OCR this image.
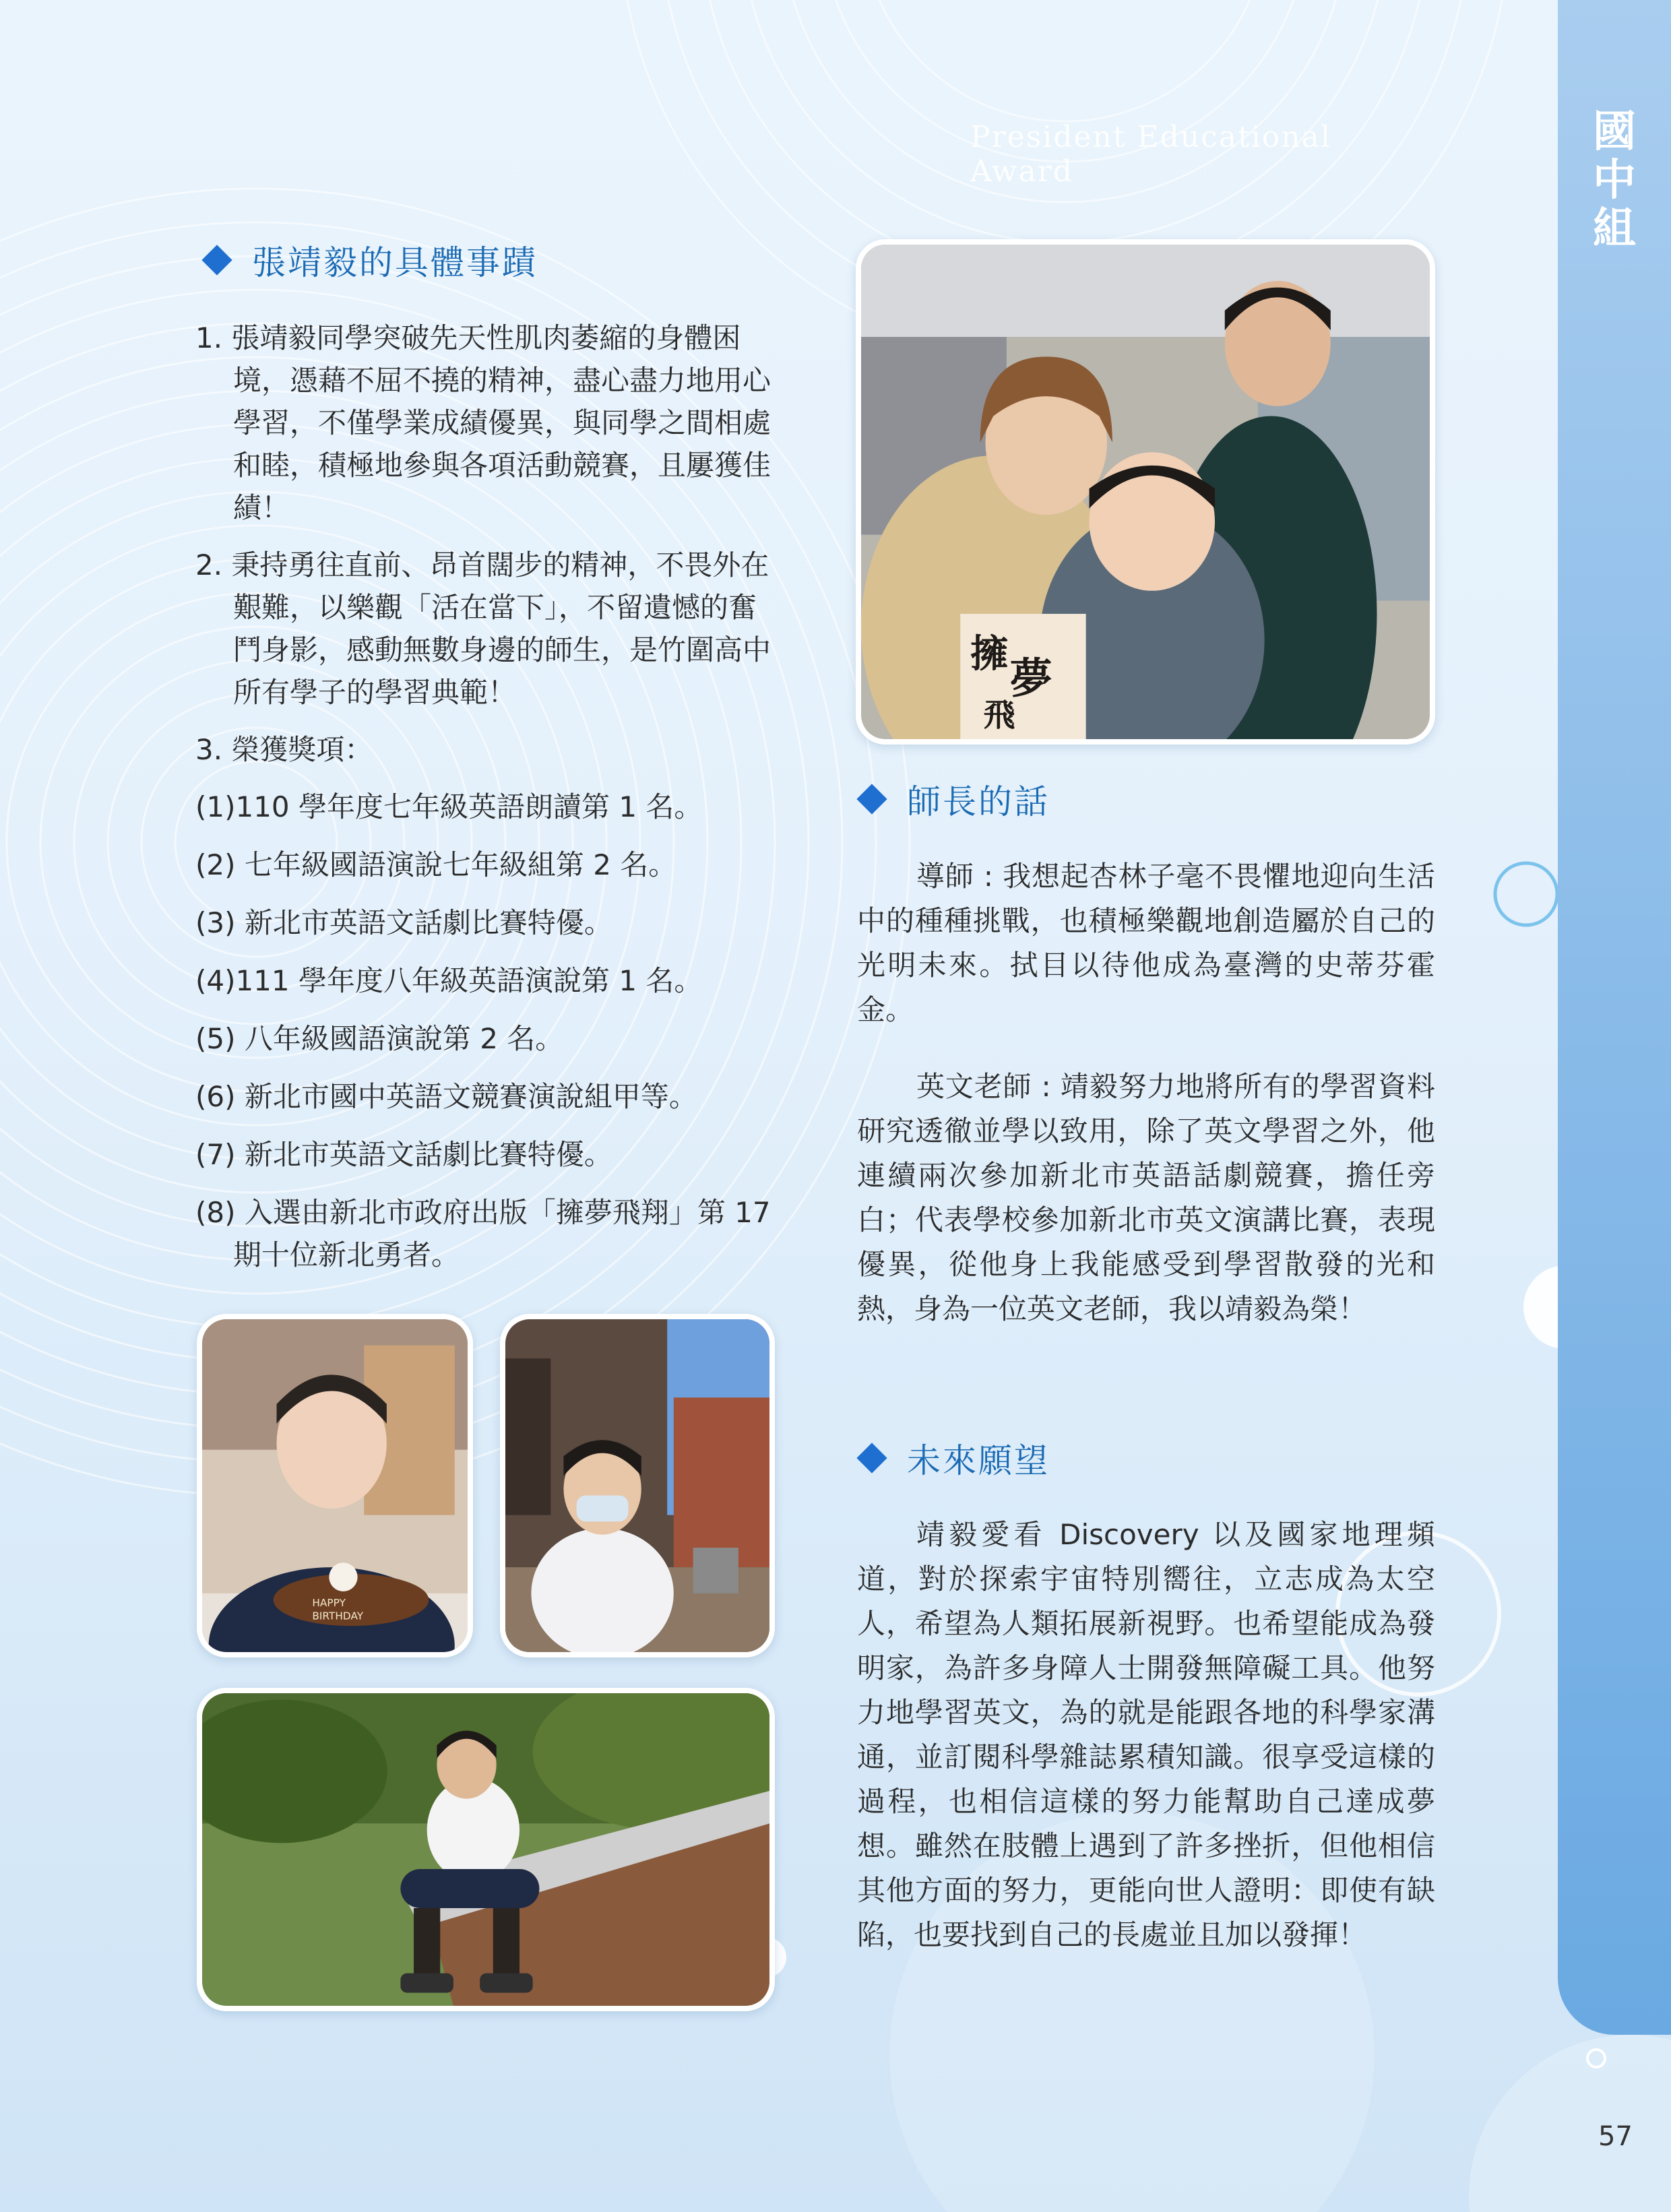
國中組
President Educational Award
張靖毅的具體事蹟

1. 張靖毅同學突破先天性肌肉萎縮的身體困境，憑藉不屈不撓的精神，盡心盡力地用心學習，不僅學業成績優異，與同學之間相處和睦，積極地參與各項活動競賽，且屢獲佳績！

2. 秉持勇往直前、昂首闊步的精神，不畏外在艱難，以樂觀「活在當下」，不留遺憾的奮鬥身影，感動無數身邊的師生，是竹圍高中所有學子的學習典範！

3. 榮獲獎項：

(1)110 學年度七年級英語朗讀第 1 名。

(2) 七年級國語演說七年級組第 2 名。

(3) 新北市英語文話劇比賽特優。

(4)111 學年度八年級英語演說第 1 名。

(5) 八年級國語演說第 2 名。

(6) 新北市國中英語文競賽演說組甲等。

(7) 新北市英語文話劇比賽特優。

(8) 入選由新北市政府出版「擁夢飛翔」第 17 期十位新北勇者。

HAPPY
BIRTHDAY
擁
夢
飛
師長的話

導師 : 我想起杏林子毫不畏懼地迎向生活中的種種挑戰，也積極樂觀地創造屬於自己的光明未來。拭目以待他成為臺灣的史蒂芬霍金。

英文老師 : 靖毅努力地將所有的學習資料研究透徹並學以致用，除了英文學習之外，他連續兩次參加新北市英語話劇競賽，擔任旁白；代表學校參加新北市英文演講比賽，表現優異，從他身上我能感受到學習散發的光和熱，身為一位英文老師，我以靖毅為榮！

未來願望

靖毅愛看 Discovery 以及國家地理頻道，對於探索宇宙特別嚮往，立志成為太空人，希望為人類拓展新視野。也希望能成為發明家，為許多身障人士開發無障礙工具。他努力地學習英文，為的就是能跟各地的科學家溝通，並訂閱科學雜誌累積知識。很享受這樣的過程，也相信這樣的努力能幫助自己達成夢想。雖然在肢體上遇到了許多挫折，但他相信其他方面的努力，更能向世人證明：即使有缺陷，也要找到自己的長處並且加以發揮！

57
